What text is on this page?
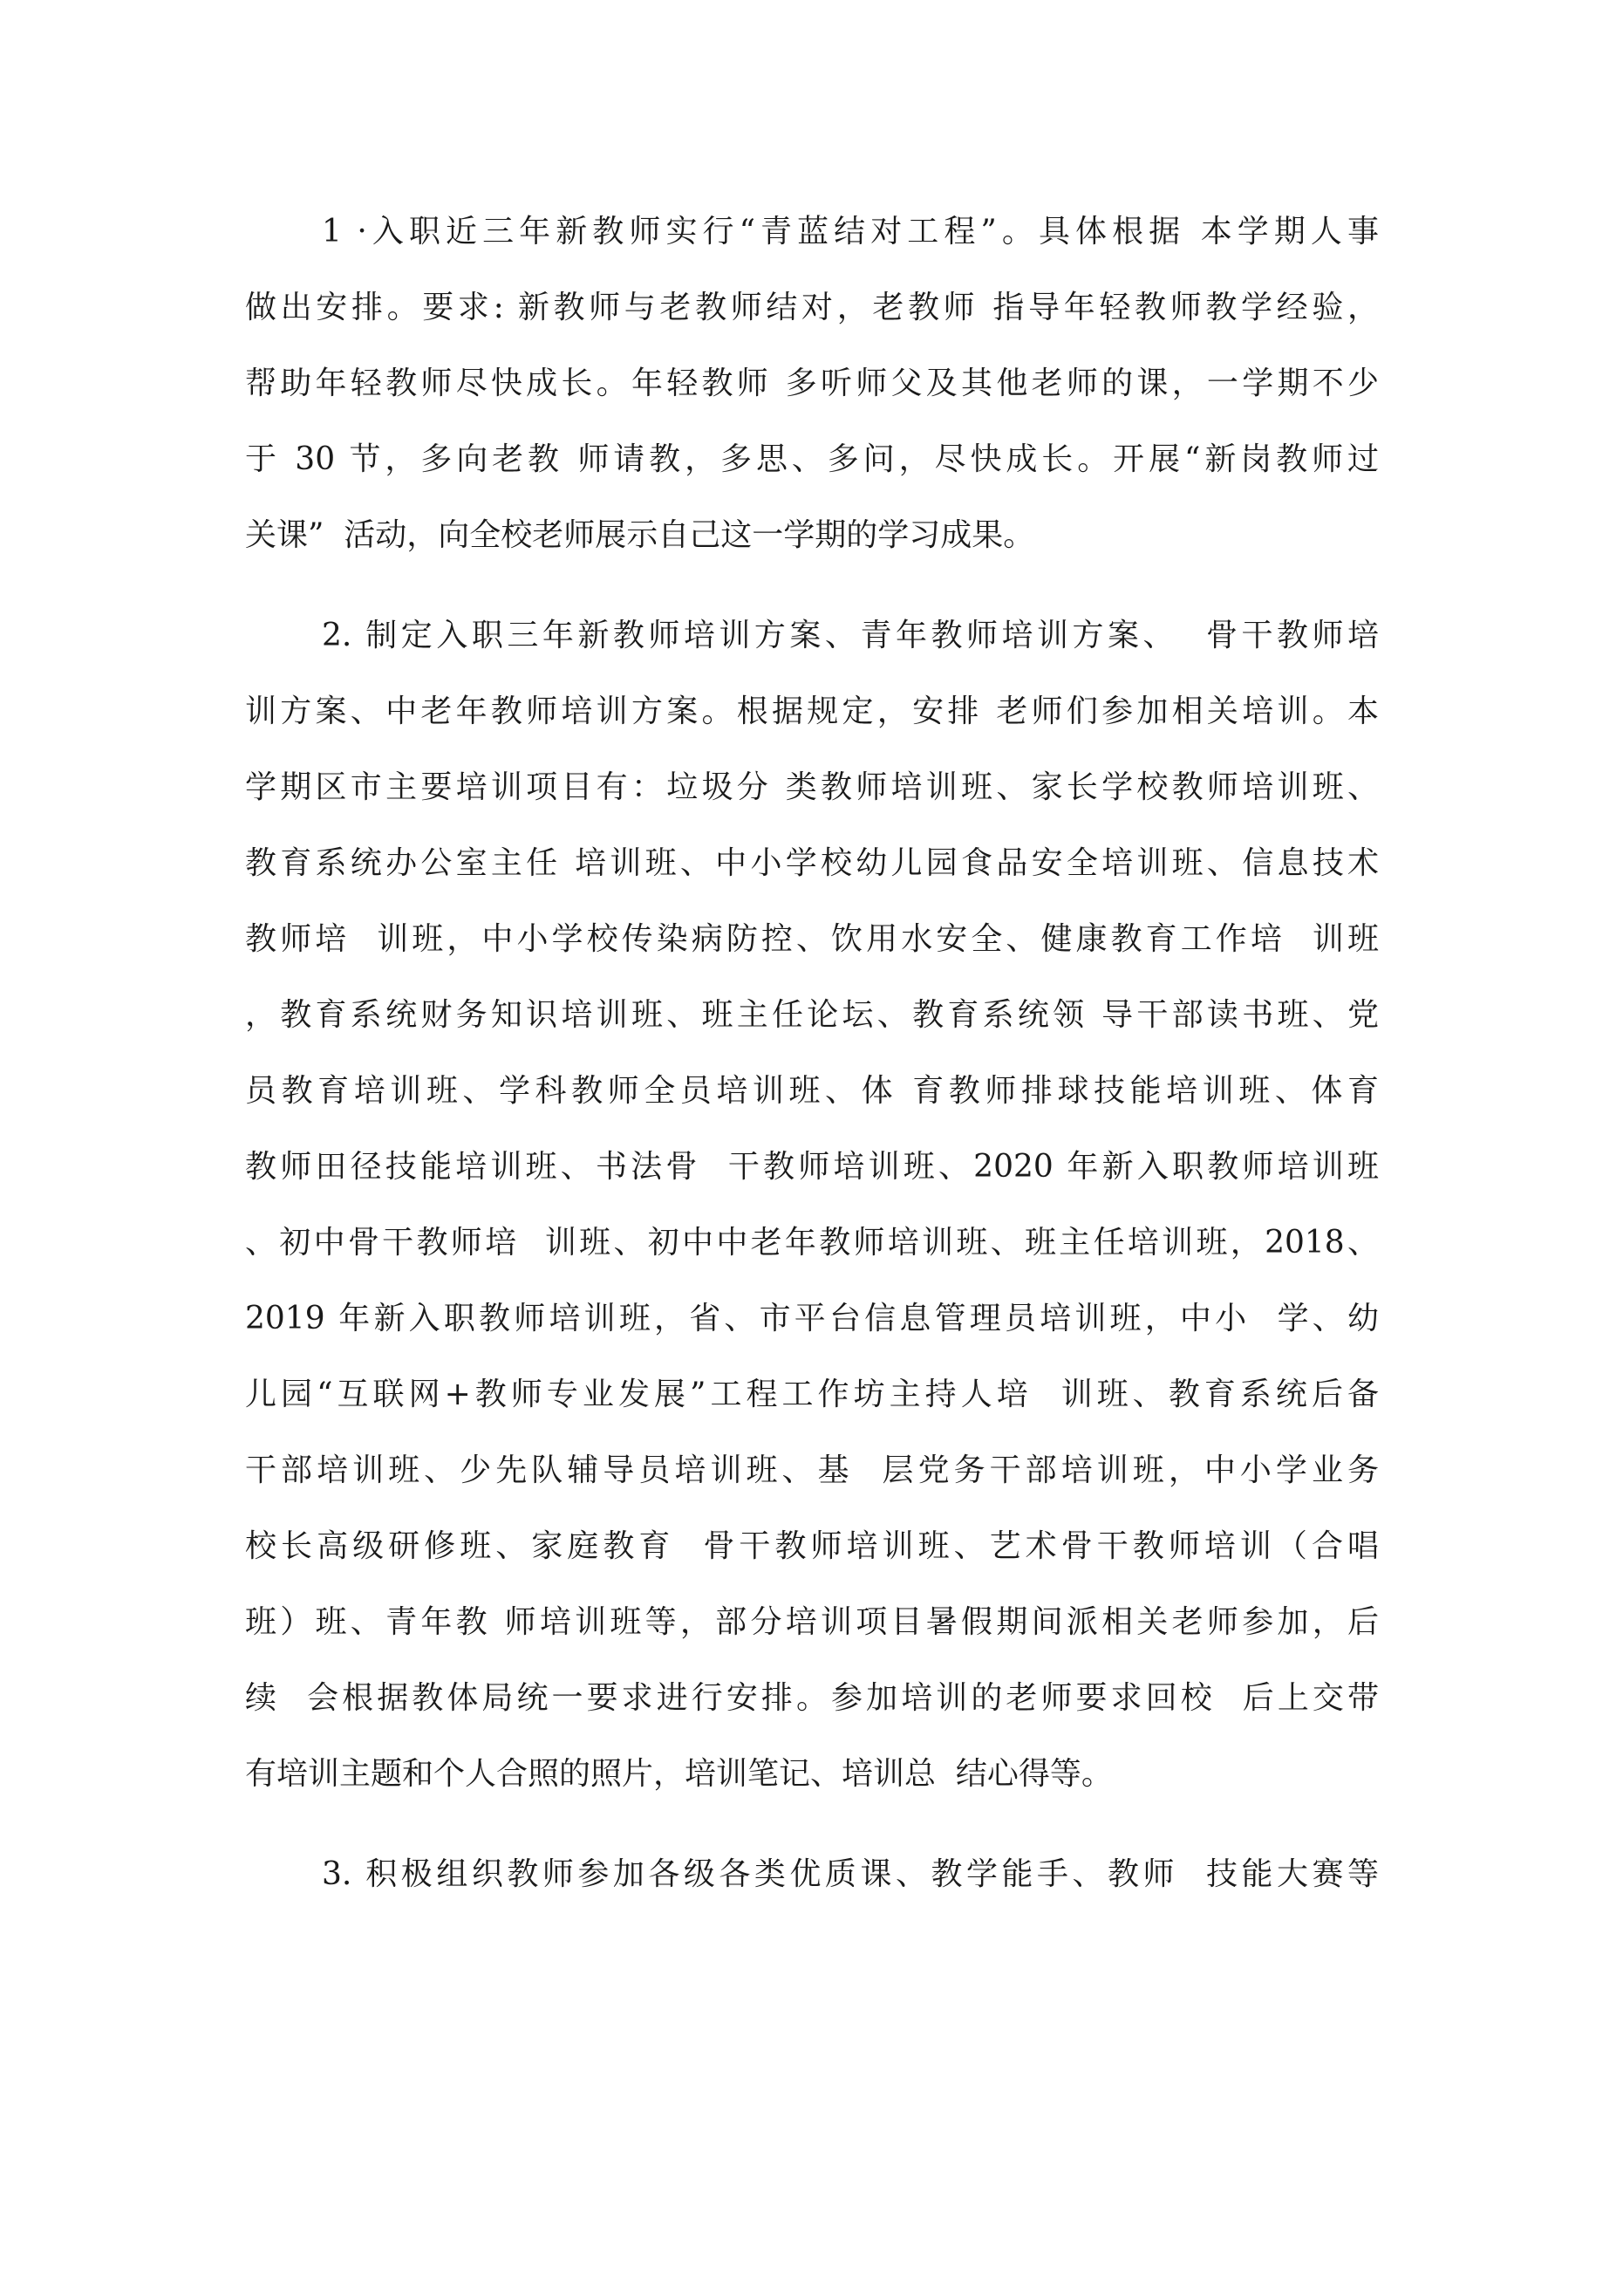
1 ·入职近三年新教师实行“青蓝结对工程”。具体根据 本学期人事
做出安排。要求: 新教师与老教师结对，老教师 指导年轻教师教学经验，
帮助年轻教师尽快成长。年轻教师 多听师父及其他老师的课，一学期不少
于 30 节，多向老教 师请教，多思、多问，尽快成长。开展“新岗教师过
关课”  活动，向全校老师展示自己这一学期的学习成果。
2. 制定入职三年新教师培训方案、青年教师培训方案、  骨干教师培
训方案、中老年教师培训方案。根据规定，安排 老师们参加相关培训。本
学期区市主要培训项目有：垃圾分 类教师培训班、家长学校教师培训班、
教育系统办公室主任 培训班、中小学校幼儿园食品安全培训班、信息技术
教师培  训班，中小学校传染病防控、饮用水安全、健康教育工作培  训班
，教育系统财务知识培训班、班主任论坛、教育系统领 导干部读书班、党
员教育培训班、学科教师全员培训班、体 育教师排球技能培训班、体育
教师田径技能培训班、书法骨  干教师培训班、2020 年新入职教师培训班
、初中骨干教师培  训班、初中中老年教师培训班、班主任培训班，2018、
2019 年新入职教师培训班，省、市平台信息管理员培训班，中小  学、幼
儿园“互联网+教师专业发展”工程工作坊主持人培  训班、教育系统后备
干部培训班、少先队辅导员培训班、基  层党务干部培训班，中小学业务
校长高级研修班、家庭教育  骨干教师培训班、艺术骨干教师培训（合唱
班）班、青年教 师培训班等，部分培训项目暑假期间派相关老师参加，后
续  会根据教体局统一要求进行安排。参加培训的老师要求回校  后上交带
有培训主题和个人合照的照片，培训笔记、培训总  结心得等。
3. 积极组织教师参加各级各类优质课、教学能手、教师  技能大赛等
